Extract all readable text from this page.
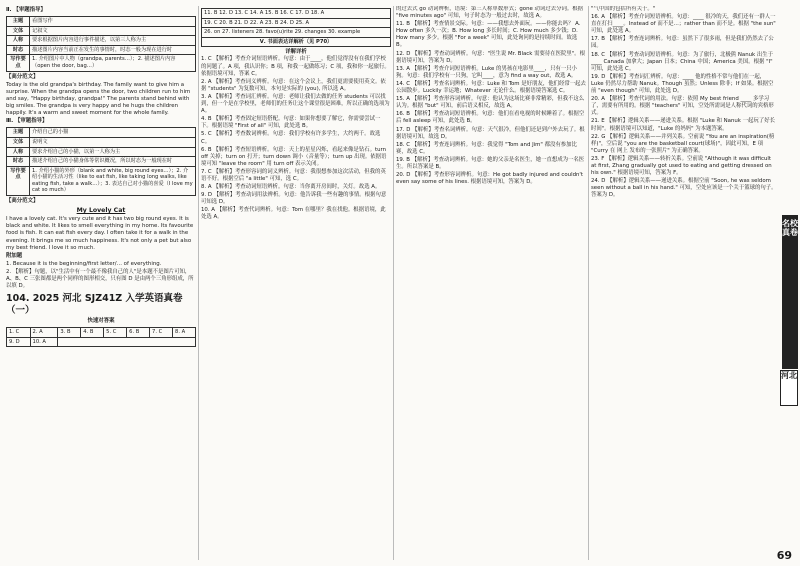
Ⅱ. 【审题指导】
主题	看图写作
文体	记叙文
人称	要求根据图片内容进行事件描述，以第三人称为主
时态	描述图片内容当前正在发生的事情时，时态一般为现在进行时
写作要点	1. 介绍图片中人物（grandpa, parents…）；2. 描述图片内容（open the door, bag…）
【高分范文】

Today is the old grandpa's birthday. The family want to give him a surprise. When the grandpa opens the door, two children run to him and say, "Happy birthday, grandpa!" The parents stand behind with big smiles. The grandpa is very happy and he hugs the children happily. It's a warm and sweet moment for the whole family.

Ⅲ. 【审题指导】
主题	介绍自己的小猫
文体	说明文
人称	要求介绍自己的小猫，以第一人称为主
时态	描述介绍自己的小猫身体等常识概况，所以时态为一般现在时
写作要点	1. 介绍小猫的外形（blank and white, big round eyes…）；2. 介绍小猫的生活习性（like to eat fish, like taking long walks, like eating fish, take a walk…）；3. 表达自己对小猫的喜爱（I love my cat so much）
【高分范文】
My Lovely Cat

I have a lovely cat. It's very cute and it has two big round eyes. It is black and white. It likes to smell everything in my home. Its favourite food is fish. It can eat fish every day. I often take it for a walk in the evening. It brings me so much happiness. It's not only a pet but also my best friend. I love it so much.

附加题

1. Because it is the beginning/first letter/… of everything.

2. 【解析】句题，以"生活中有一个最不像我自己的人"是本题不是图片可知，A、B、C 三张图都是两个同样的图形相交，只有图 D 是由两个三角形组成，所以填 D。

104. 2025 河北 SJZ41Z 入学英语真卷（一）
快速对答案
1. C	2. A	3. B	4. B	5. C	6. B	7. C	8. A
9. D	10. A						
11. B 12. D 13. C 14. A 15. B 16. C 17. D 18. A
19. C 20. B 21. D 22. A 23. B 24. D 25. A
26. on 27. listeners 28. favo(u)rite 29. changes 30. example
Ⅴ. 书面表达详解析（见 P70）
详解详析

1. C 【解析】考查介词短语辨析。句意：由于____，他们觉得没有在我们学校的问题了。A 项，我认识你；B 项，和我一起做练习；C 项，我和你一起旅行。依据语境可知，答案 C。

2. A 【解析】考查词义辨析。句意：在这个会议上，我们更需要使用英文。依据 "students" 为复数可知，本句是实际的 (you), 所以选 A。

3. A 【解析】考查词汇辨析。句意：老师让我们去做的任务 students 可以找到，但一个是在学校里，老师们的任务让这个课堂很是困难，所以正确的选项为 A。

4. B 【解析】考查固定短语搭配。句意：如果你想要了解它，你需要尝试一下。根据语境 "First of all" 可知，此处选 B。

5. C 【解析】考查数词辨析。句意：我们学校有许多学生，大约两千。故选 C。

6. B 【解析】考查短语辨析。句意：天上的星星闪烁，看起来像是钻石。turn off 关掉；turn on 打开；turn down 调小（音量等）；turn up 出现。依据语境可知 "leave the room" 用 turn off 表示关闭。

7. C 【解析】考查形容词的词义辨析。句意：我很想参加这次活动，但我的英语不好。根据空后 "a little" 可知，选 C。

8. A 【解析】考查动词短语辨析。句意：当你离开房间时，关灯。故选 A。

9. D 【解析】考查动词用法辨析。句意：他告诉我一些有趣的事情。根据句意可知选 D。

10. A 【解析】考查代词辨析。句意：Tom 在哪里？我在找他。根据语境，此处选 A。

的过去式 go 动词辨析，语境：第三人称单数形式；gone 动词过去分词。根据 "five minutes ago" 可知，句子时态为一般过去时，故选 A。

11. B 【解析】考查情景交际。句意：——我想去外面玩。——你能去吗？ A. How often 多久一次；B. How long 多长时间；C. How much 多少钱；D. How many 多少。根据 "For a week" 可知，此处询问的是持续时间。故选 B。

12. D 【解析】考查动词辨析。句意："医生说 Mr. Black 需要待在医院里"。根据语境可知，答案为 D。

13. A 【解析】考查介词短语辨析。Luke 的男孩在电影里____，只有一只小狗。句意：我们学校有一只狗，它叫____，意为 find a way out，故选 A。

14. C 【解析】考查名词辨析。句意：Luke 和 Tom 是好朋友，他们经常一起去公园散步。Luckily 幸运地；Whatever 无论什么。根据语境答案选 C。

15. A 【解析】考查形容词辨析。句意：他认为这场比赛非常精彩，但我不这么认为。根据 "but" 可知，前后语义相反，故选 A。

16. B 【解析】考查动词短语辨析。句意：他们在看电视的时候睡着了。根据空后 fell asleep 可知，此处选 B。

17. D 【解析】考查名词辨析。句意：天气很冷，但他们还是到户外去玩了。根据语境可知，故选 D。

18. C 【解析】考查连词辨析。句意：我觉得 "Tom and Jim" 都没有参加比赛，故选 C。

19. B 【解析】考查动词辨析。句意：她的父亲是名医生，她一直想成为一名医生。所以答案是 B。

20. D 【解析】考查形容词辨析。句意：He got badly injured and couldn't even say some of his lines. 根据语境可知，答案为 D。

"气中国的包括所有关于。"

16. A 【解析】考查介词短语辨析。句意：____ 很冷的天，我们还有一群人一直在打扫____。Instead of 而不是…；rather than 而不是。根据 "the sun" 可知，此处选 A。

17. B 【解析】考查连词辨析。句意：虽然下了很多雨，但是我们仍然去了公园。

18. C 【解析】考查动词短语辨析。句意：为了旅行，北极熊 Nanuk 出生于____ Canada 加拿大；Japan 日本；China 中国；America 美国。根据 "I" 可知，此处选 C。

19. D 【解析】考查词汇辨析。句意：____ 他的性格不常与他们在一起，Luke 仍然尽力帮助 Nanuk。Though 虽然；Unless 除非；If 如果。根据空前 "even though" 可知，此处选 D。

20. A 【解析】考查代词的用法。句意：依照 My best friend ____ 多学习了，需要有所用的。根据 "teachers" 可知，空处所需词是人称代词的宾格形式。

21. E 【解析】逻辑关系——递进关系。根据 "Luke 和 Nanuk 一起玩了好长时间"。根据语境可以知道，"Luke 的妈妈" 为本题答案。

22. G 【解析】逻辑关系——并列关系。空前说 "You are an inspiration(榜样)"，空后说 "you are the basketball court(球场)"，因此可知，E 项 "Curry 在 网上 发布的一张照片" 为正确答案。

23. F 【解析】逻辑关系——转折关系。空前说 "Although it was difficult at first, Zhang gradually got used to eating and getting dressed on his own." 根据语境可知，答案为 F。

24. D 【解析】逻辑关系——递进关系。根据空前 "Soon, he was seldom seen without a ball in his hand." 可知，空处应该是一个关于篮球的句子。答案为 D。

名校真卷
河北
69
